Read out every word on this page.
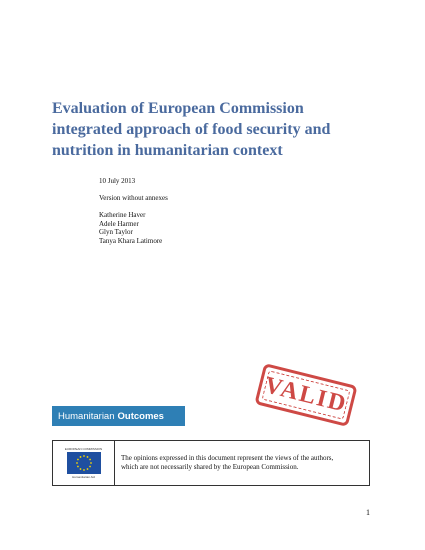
Evaluation of European Commission
integrated approach of food security and
nutrition in humanitarian context
10 July 2013
Version without annexes
Katherine Haver
Adele Harmer
Glyn Taylor
Tanya Khara Latimore
VALID
Humanitarian Outcomes
EUROPEAN COMMISSION
Humanitarian Aid
The opinions expressed in this document represent the views of the authors,
which are not necessarily shared by the European Commission.
1
